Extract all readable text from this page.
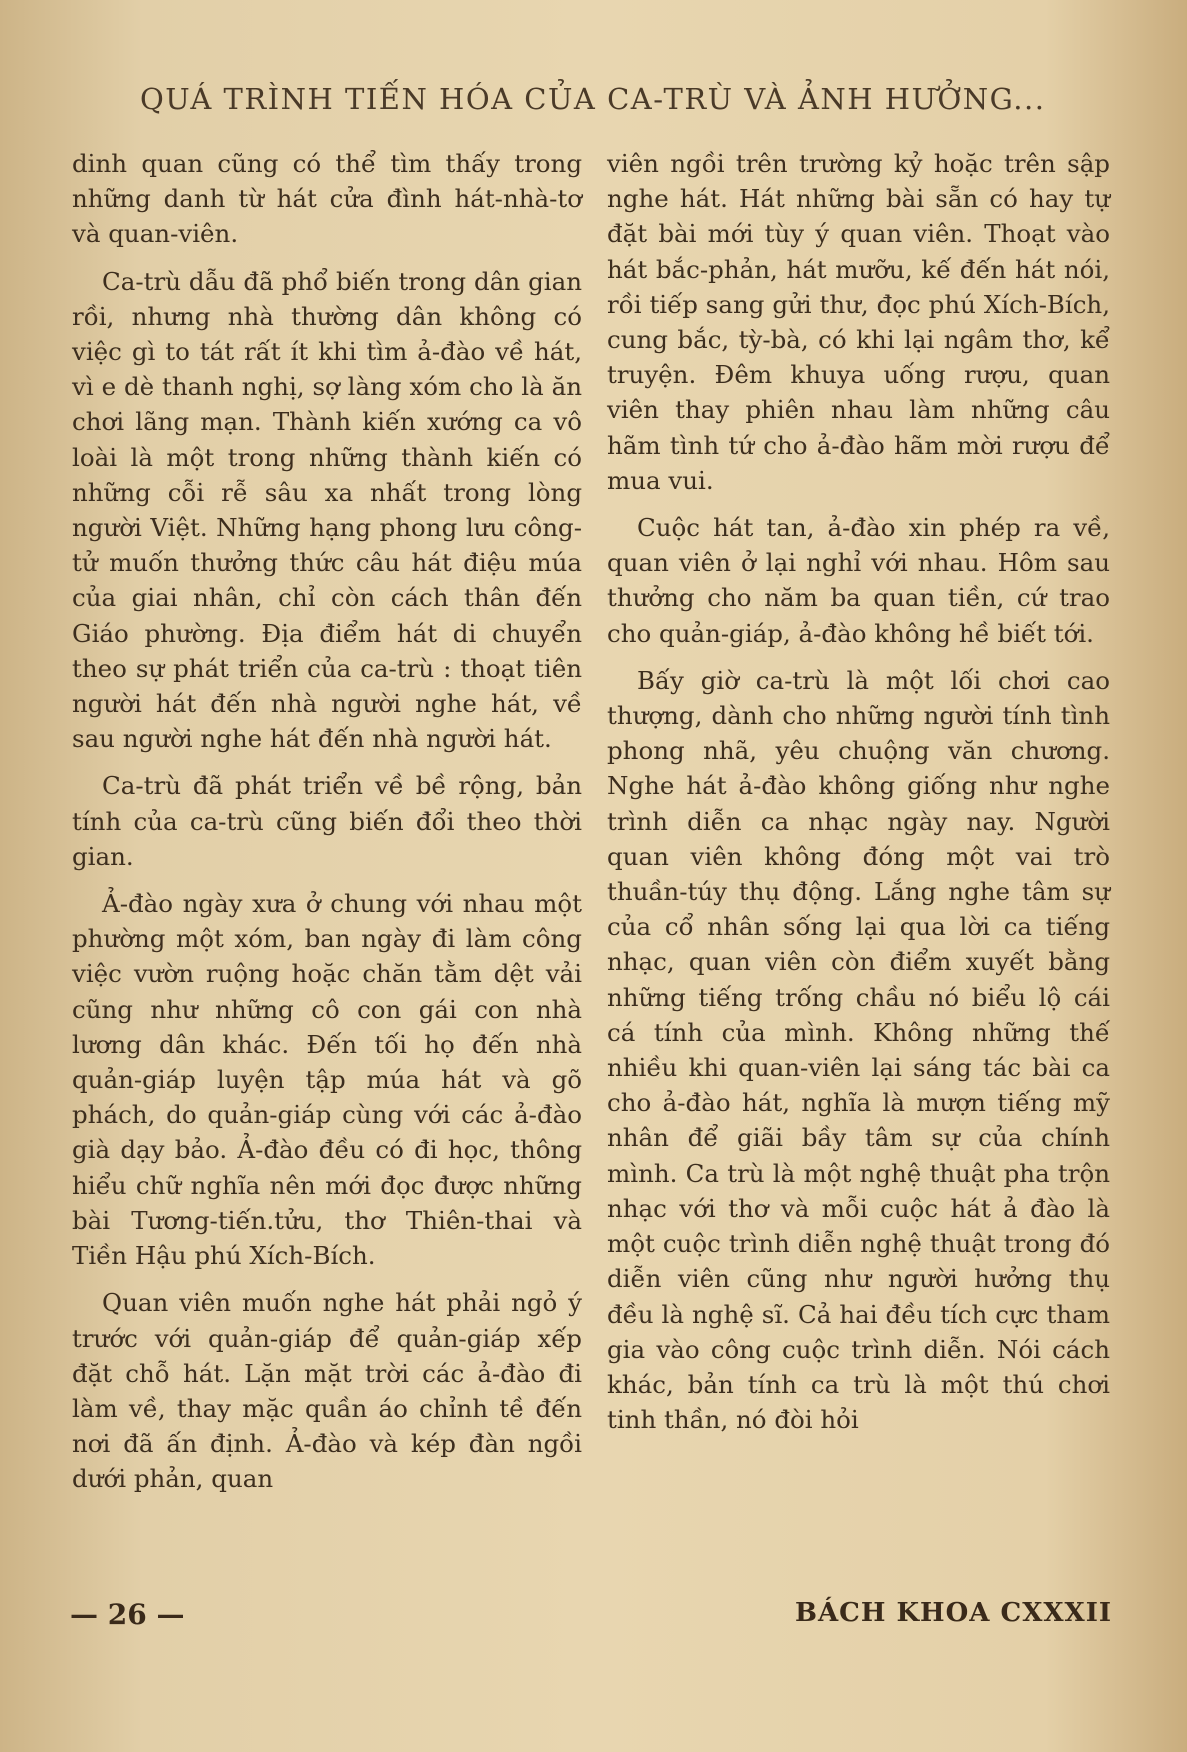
QUÁ TRÌNH TIẾN HÓA CỦA CA-TRÙ VÀ ẢNH HƯỞNG...

dinh quan cũng có thể tìm thấy trong những danh từ hát cửa đình hát-nhà-tơ và quan-viên.

Ca-trù dẫu đã phổ biến trong dân gian rồi, nhưng nhà thường dân không có việc gì to tát rất ít khi tìm ả-đào về hát, vì e dè thanh nghị, sợ làng xóm cho là ăn chơi lãng mạn. Thành kiến xướng ca vô loài là một trong những thành kiến có những cỗi rễ sâu xa nhất trong lòng người Việt. Những hạng phong lưu công-tử muốn thưởng thức câu hát điệu múa của giai nhân, chỉ còn cách thân đến Giáo phường. Địa điểm hát di chuyển theo sự phát triển của ca-trù : thoạt tiên người hát đến nhà người nghe hát, về sau người nghe hát đến nhà người hát.

Ca-trù đã phát triển về bề rộng, bản tính của ca-trù cũng biến đổi theo thời gian.

Ả-đào ngày xưa ở chung với nhau một phường một xóm, ban ngày đi làm công việc vườn ruộng hoặc chăn tằm dệt vải cũng như những cô con gái con nhà lương dân khác. Đến tối họ đến nhà quản-giáp luyện tập múa hát và gõ phách, do quản-giáp cùng với các ả-đào già dạy bảo. Ả-đào đều có đi học, thông hiểu chữ nghĩa nên mới đọc được những bài Tương-tiến.tửu, thơ Thiên-thai và Tiền Hậu phú Xích-Bích.

Quan viên muốn nghe hát phải ngỏ ý trước với quản-giáp để quản-giáp xếp đặt chỗ hát. Lặn mặt trời các ả-đào đi làm về, thay mặc quần áo chỉnh tề đến nơi đã ấn định. Ả-đào và kép đàn ngồi dưới phản, quan

viên ngồi trên trường kỷ hoặc trên sập nghe hát. Hát những bài sẵn có hay tự đặt bài mới tùy ý quan viên. Thoạt vào hát bắc-phản, hát mưỡu, kế đến hát nói, rồi tiếp sang gửi thư, đọc phú Xích-Bích, cung bắc, tỳ-bà, có khi lại ngâm thơ, kể truyện. Đêm khuya uống rượu, quan viên thay phiên nhau làm những câu hãm tình tứ cho ả-đào hãm mời rượu để mua vui.

Cuộc hát tan, ả-đào xin phép ra về, quan viên ở lại nghỉ với nhau. Hôm sau thưởng cho năm ba quan tiền, cứ trao cho quản-giáp, ả-đào không hề biết tới.

Bấy giờ ca-trù là một lối chơi cao thượng, dành cho những người tính tình phong nhã, yêu chuộng văn chương. Nghe hát ả-đào không giống như nghe trình diễn ca nhạc ngày nay. Người quan viên không đóng một vai trò thuần-túy thụ động. Lắng nghe tâm sự của cổ nhân sống lại qua lời ca tiếng nhạc, quan viên còn điểm xuyết bằng những tiếng trống chầu nó biểu lộ cái cá tính của mình. Không những thế nhiều khi quan-viên lại sáng tác bài ca cho ả-đào hát, nghĩa là mượn tiếng mỹ nhân để giãi bầy tâm sự của chính mình. Ca trù là một nghệ thuật pha trộn nhạc với thơ và mỗi cuộc hát ả đào là một cuộc trình diễn nghệ thuật trong đó diễn viên cũng như người hưởng thụ đều là nghệ sĩ. Cả hai đều tích cực tham gia vào công cuộc trình diễn. Nói cách khác, bản tính ca trù là một thú chơi tinh thần, nó đòi hỏi

— 26 —	BÁCH KHOA CXXXII
